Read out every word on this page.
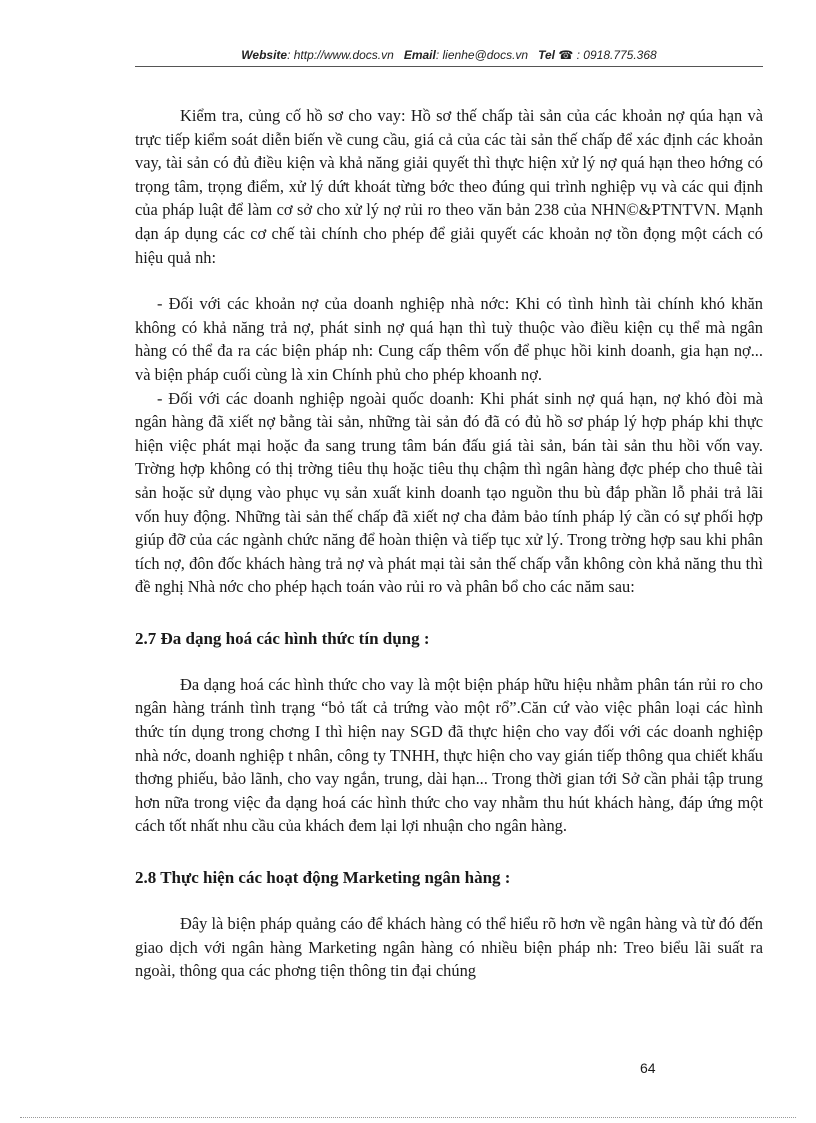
Website: http://www.docs.vn Email: lienhe@docs.vn Tel ☎ : 0918.775.368

Kiểm tra, củng cố hồ sơ cho vay: Hồ sơ thế chấp tài sản của các khoản nợ qúa hạn và trực tiếp kiểm soát diễn biến về cung cầu, giá cả của các tài sản thế chấp để xác định các khoản vay, tài sản có đủ điều kiện và khả năng giải quyết thì thực hiện xử lý nợ quá hạn theo hớng có trọng tâm, trọng điểm, xử lý dứt khoát từng bớc theo đúng qui trình nghiệp vụ và các qui định của pháp luật để làm cơ sở cho xử lý nợ rủi ro theo văn bản 238 của NHN©&PTNTVN. Mạnh dạn áp dụng các cơ chế tài chính cho phép để giải quyết các khoản nợ tồn đọng một cách có hiệu quả nh:

- Đối với các khoản nợ của doanh nghiệp nhà nớc: Khi có tình hình tài chính khó khăn không có khả năng trả nợ, phát sinh nợ quá hạn thì tuỳ thuộc vào điều kiện cụ thể mà ngân hàng có thể đa ra các biện pháp nh: Cung cấp thêm vốn để phục hồi kinh doanh, gia hạn nợ... và biện pháp cuối cùng là xin Chính phủ cho phép khoanh nợ.

- Đối với các doanh nghiệp ngoài quốc doanh: Khi phát sinh nợ quá hạn, nợ khó đòi mà ngân hàng đã xiết nợ bằng tài sản, những tài sản đó đã có đủ hồ sơ pháp lý hợp pháp khi thực hiện việc phát mại hoặc đa sang trung tâm bán đấu giá tài sản, bán tài sản thu hồi vốn vay. Trờng hợp không có thị trờng tiêu thụ hoặc tiêu thụ chậm thì ngân hàng đợc phép cho thuê tài sản hoặc sử dụng vào phục vụ sản xuất kinh doanh tạo nguồn thu bù đắp phần lỗ phải trả lãi vốn huy động. Những tài sản thế chấp đã xiết nợ cha đảm bảo tính pháp lý cần có sự phối hợp giúp đỡ của các ngành chức năng để hoàn thiện và tiếp tục xử lý. Trong trờng hợp sau khi phân tích nợ, đôn đốc khách hàng trả nợ và phát mại tài sản thế chấp vẫn không còn khả năng thu thì đề nghị Nhà nớc cho phép hạch toán vào rủi ro và phân bổ cho các năm sau:

2.7 Đa dạng hoá các hình thức tín dụng :

Đa dạng hoá các hình thức cho vay là một biện pháp hữu hiệu nhằm phân tán rủi ro cho ngân hàng tránh tình trạng “bỏ tất cả trứng vào một rổ”.Căn cứ vào việc phân loại các hình thức tín dụng trong chơng I thì hiện nay SGD đã thực hiện cho vay đối với các doanh nghiệp nhà nớc, doanh nghiệp t nhân, công ty TNHH, thực hiện cho vay gián tiếp thông qua chiết khấu thơng phiếu, bảo lãnh, cho vay ngắn, trung, dài hạn... Trong thời gian tới Sở cần phải tập trung hơn nữa trong việc đa dạng hoá các hình thức cho vay nhằm thu hút khách hàng, đáp ứng một cách tốt nhất nhu cầu của khách đem lại lợi nhuận cho ngân hàng.

2.8 Thực hiện các hoạt động Marketing ngân hàng :

Đây là biện pháp quảng cáo để khách hàng có thể hiểu rõ hơn về ngân hàng và từ đó đến giao dịch với ngân hàng Marketing ngân hàng có nhiều biện pháp nh: Treo biểu lãi suất ra ngoài, thông qua các phơng tiện thông tin đại chúng

64
